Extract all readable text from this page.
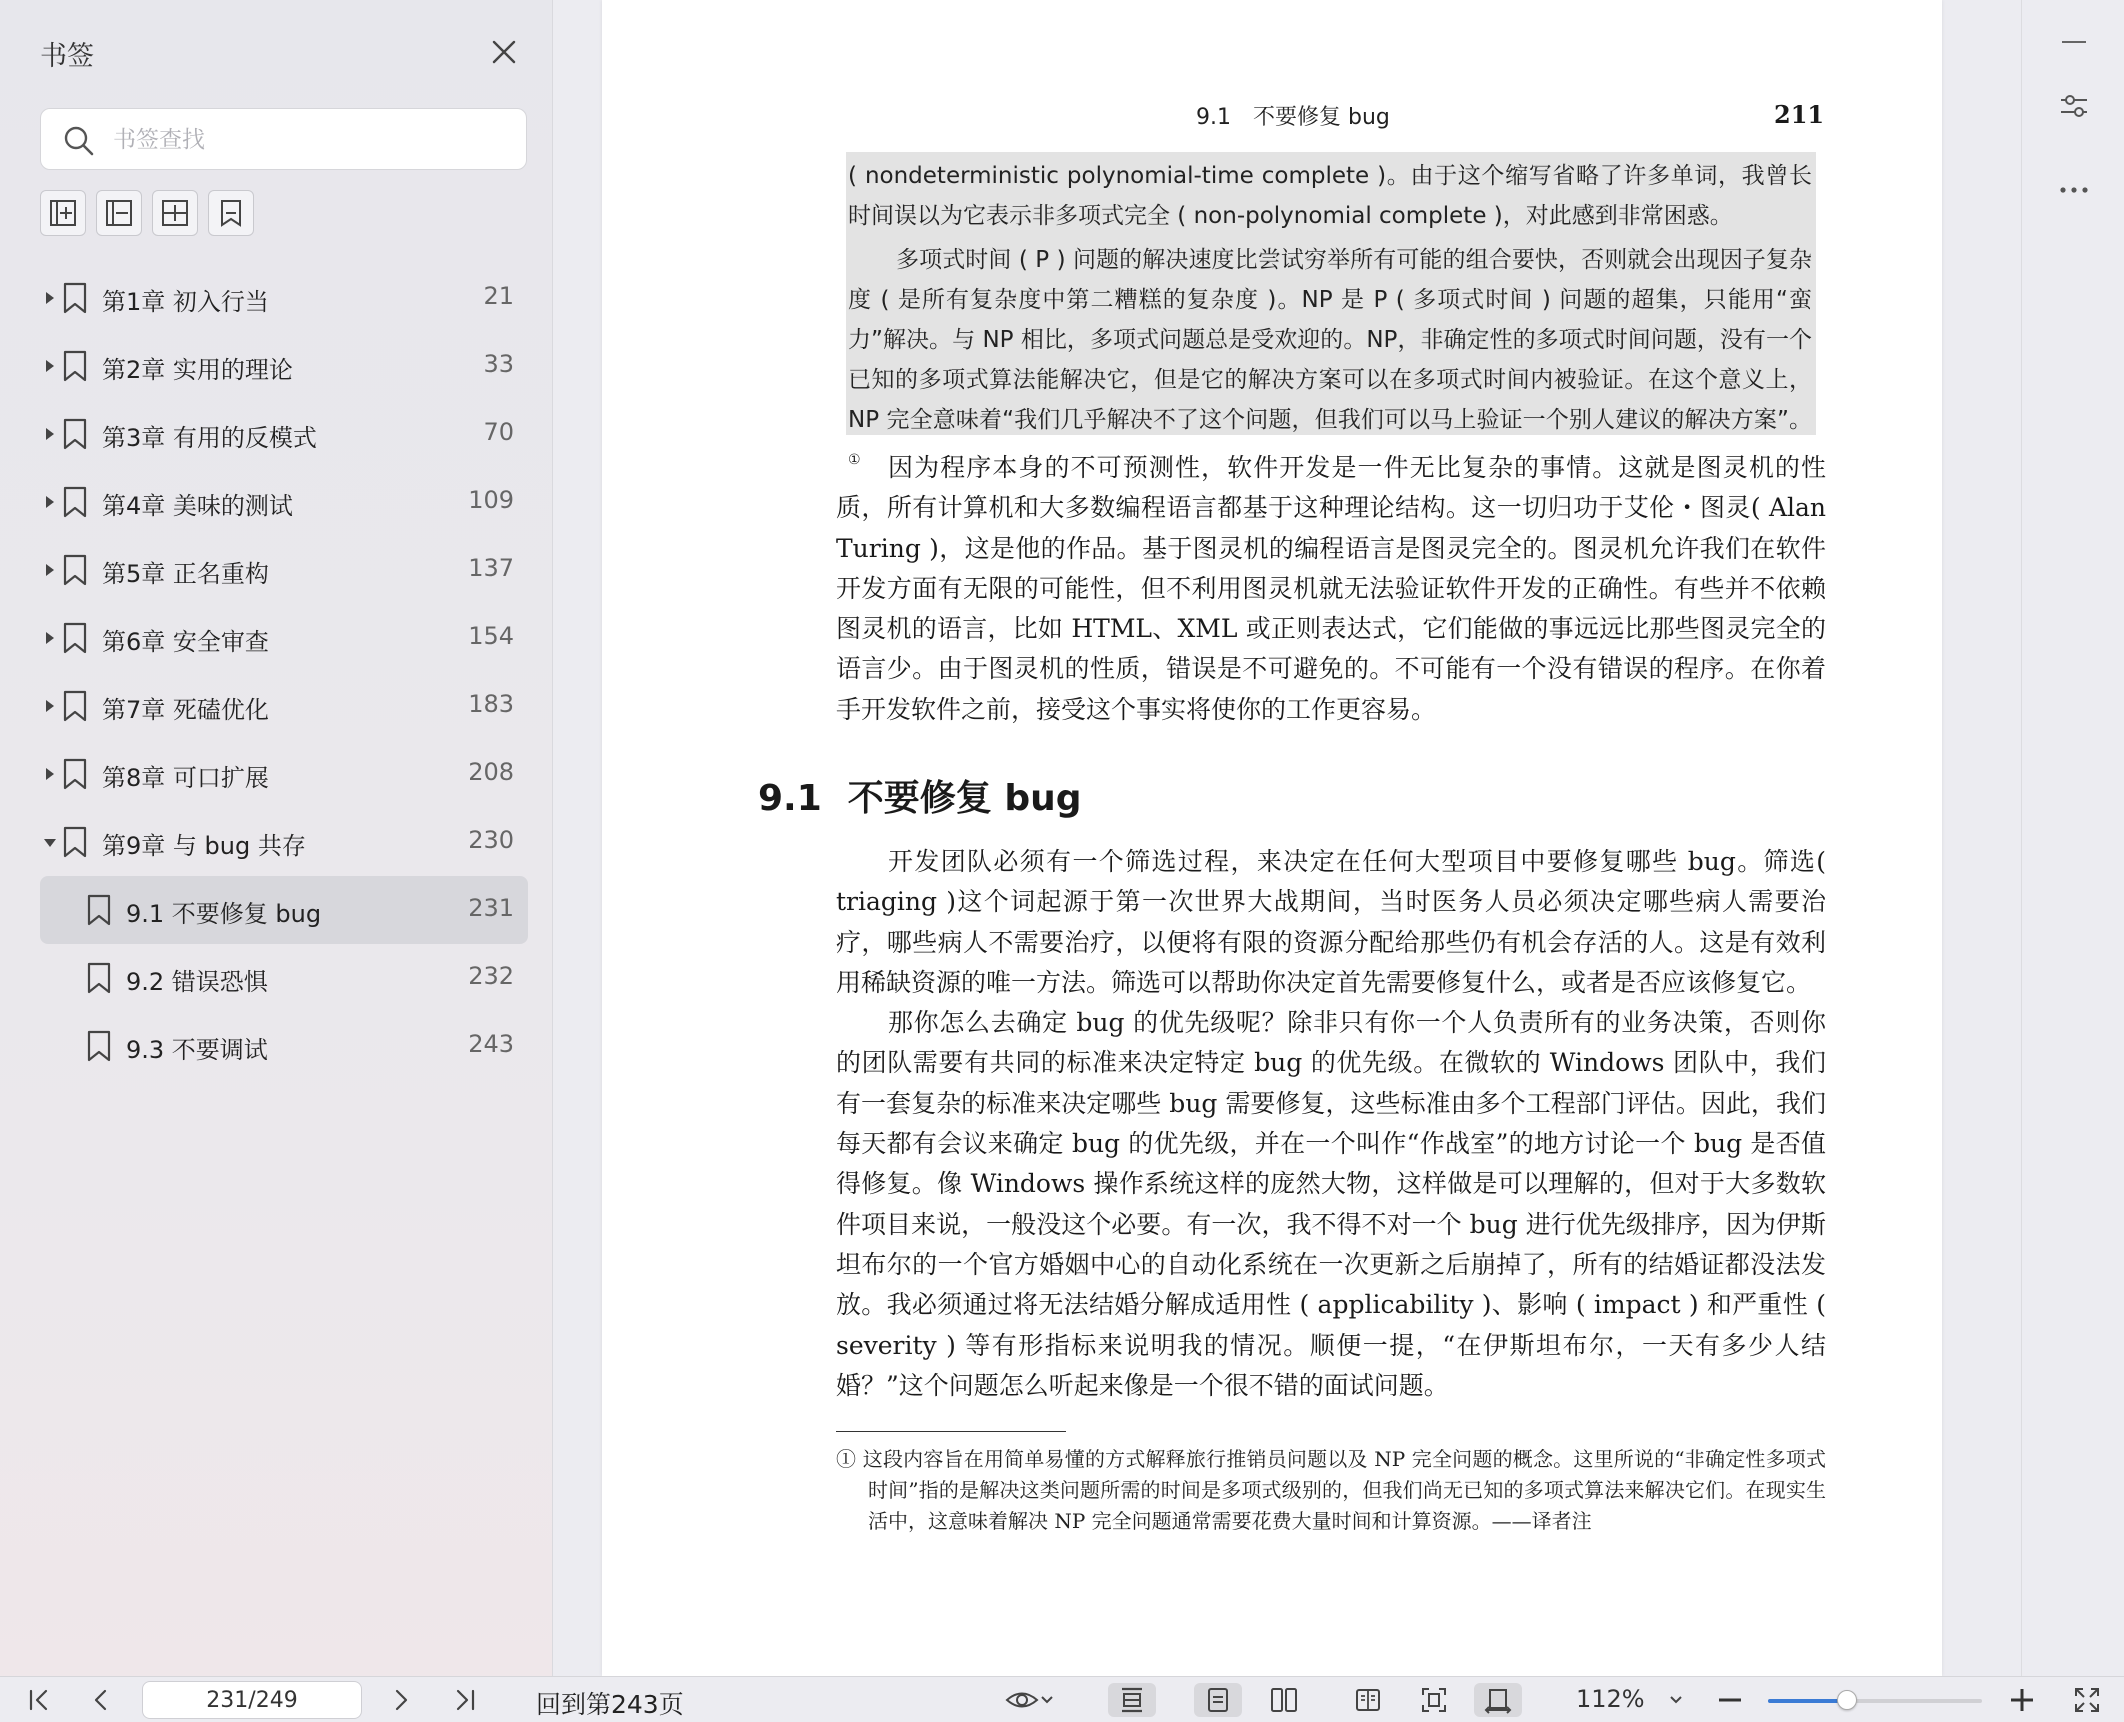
书签
书签查找
第1章 初入行当	21
第2章 实用的理论	33
第3章 有用的反模式	70
第4章 美味的测试	109
第5章 正名重构	137
第6章 安全审查	154
第7章 死磕优化	183
第8章 可口扩展	208
第9章 与 bug 共存	230
9.1 不要修复 bug	231
9.2 错误恐惧	232
9.3 不要调试	243
9.1　不要修复 bug	211

( nondeterministic polynomial-time complete )。由于这个缩写省略了许多单词，我曾长时间误以为它表示非多项式完全 ( non-polynomial complete )，对此感到非常困惑。

多项式时间 ( P ) 问题的解决速度比尝试穷举所有可能的组合要快，否则就会出现因子复杂度 ( 是所有复杂度中第二糟糕的复杂度 )。NP 是 P ( 多项式时间 ) 问题的超集，只能用“蛮力”解决。与 NP 相比，多项式问题总是受欢迎的。NP，非确定性的多项式时间问题，没有一个已知的多项式算法能解决它，但是它的解决方案可以在多项式时间内被验证。在这个意义上，NP 完全意味着“我们几乎解决不了这个问题，但我们可以马上验证一个别人建议的解决方案”。①	因为程序本身的不可预测性，软件开发是一件无比复杂的事情。这就是图灵机的性质，所有计算机和大多数编程语言都基于这种理论结构。这一切归功于艾伦・图灵( Alan Turing )，这是他的作品。基于图灵机的编程语言是图灵完全的。图灵机允许我们在软件开发方面有无限的可能性，但不利用图灵机就无法验证软件开发的正确性。有些并不依赖图灵机的语言，比如 HTML、XML 或正则表达式，它们能做的事远远比那些图灵完全的语言少。由于图灵机的性质，错误是不可避免的。不可能有一个没有错误的程序。在你着手开发软件之前，接受这个事实将使你的工作更容易。

9.1 不要修复 bug

开发团队必须有一个筛选过程，来决定在任何大型项目中要修复哪些 bug。筛选( triaging )这个词起源于第一次世界大战期间，当时医务人员必须决定哪些病人需要治疗，哪些病人不需要治疗，以便将有限的资源分配给那些仍有机会存活的人。这是有效利用稀缺资源的唯一方法。筛选可以帮助你决定首先需要修复什么，或者是否应该修复它。

那你怎么去确定 bug 的优先级呢？除非只有你一个人负责所有的业务决策，否则你的团队需要有共同的标准来决定特定 bug 的优先级。在微软的 Windows 团队中，我们有一套复杂的标准来决定哪些 bug 需要修复，这些标准由多个工程部门评估。因此，我们每天都有会议来确定 bug 的优先级，并在一个叫作“作战室”的地方讨论一个 bug 是否值得修复。像 Windows 操作系统这样的庞然大物，这样做是可以理解的，但对于大多数软件项目来说，一般没这个必要。有一次，我不得不对一个 bug 进行优先级排序，因为伊斯坦布尔的一个官方婚姻中心的自动化系统在一次更新之后崩掉了，所有的结婚证都没法发放。我必须通过将无法结婚分解成适用性 ( applicability )、影响 ( impact ) 和严重性 ( severity ) 等有形指标来说明我的情况。顺便一提，“在伊斯坦布尔，一天有多少人结婚？”这个问题怎么听起来像是一个很不错的面试问题。

① 这段内容旨在用简单易懂的方式解释旅行推销员问题以及 NP 完全问题的概念。这里所说的“非确定性多项式时间”指的是解决这类问题所需的时间是多项式级别的，但我们尚无已知的多项式算法来解决它们。在现实生活中，这意味着解决 NP 完全问题通常需要花费大量时间和计算资源。——译者注
231/249
回到第243页	112%
